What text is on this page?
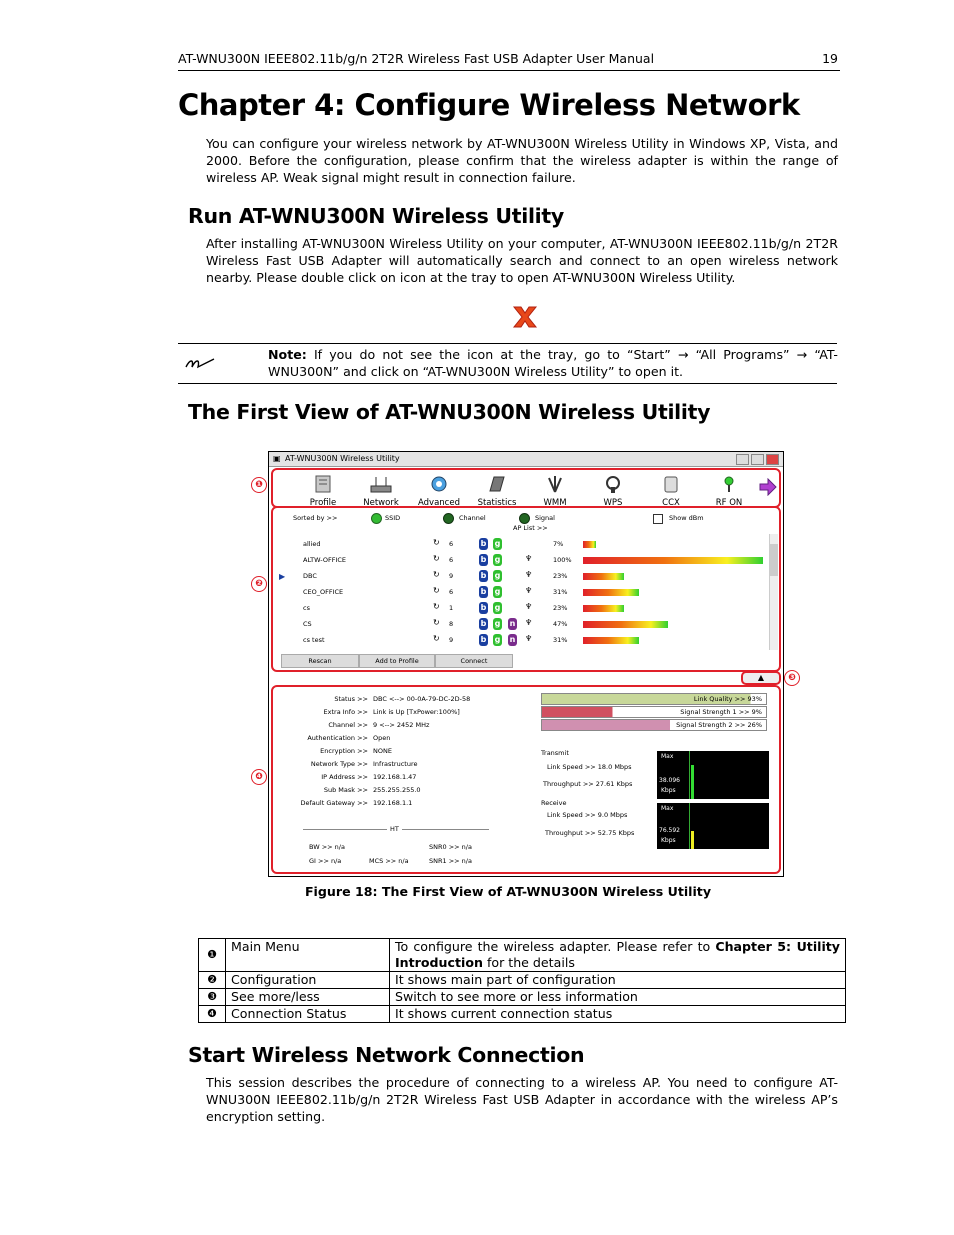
AT-WNU300N IEEE802.11b/g/n 2T2R Wireless Fast USB Adapter User Manual	19
Chapter 4: Configure Wireless Network
You can configure your wireless network by AT-WNU300N Wireless Utility in Windows XP, Vista, and 2000. Before the configuration, please confirm that the wireless adapter is within the range of wireless AP. Weak signal might result in connection failure.
Run AT-WNU300N Wireless Utility
After installing AT-WNU300N Wireless Utility on your computer, AT-WNU300N IEEE802.11b/g/n 2T2R Wireless Fast USB Adapter will automatically search and connect to an open wireless network nearby. Please double click on icon at the tray to open AT-WNU300N Wireless Utility.
Note: If you do not see the icon at the tray, go to “Start” → “All Programs” → “AT-WNU300N” and click on “AT-WNU300N Wireless Utility” to open it.
The First View of AT-WNU300N Wireless Utility
▣ AT-WNU300N Wireless Utility
Profile	Network	Advanced	Statistics	WMM	WPS	CCX	RF ON
Sorted by >>	SSID	Channel	Signal
AP List >>
Show dBm
▶
allied	↻ 6	b g	7%
ALTW-OFFICE	↻ 6	b g	♆	100%
DBC	↻ 9	b g	♆	23%
CEO_OFFICE	↻ 6	b g	♆	31%
cs	↻ 1	b g	♆	23%
CS	↻ 8	b g n ♆	47%
cs test	↻ 9	b g n ♆	31%
Rescan	Add to Profile	Connect
▲
Status >> DBC <--> 00-0A-79-DC-2D-58
Extra Info >> Link is Up [TxPower:100%]
Channel >> 9 <--> 2452 MHz
Authentication >> Open
Encryption >> NONE
Network Type >> Infrastructure
IP Address >> 192.168.1.47
Sub Mask >> 255.255.255.0
Default Gateway >> 192.168.1.1
HT
BW >> n/a	SNR0 >> n/a
GI >> n/a	MCS >> n/a	SNR1 >> n/a
Link Quality >> 93%
Signal Strength 1 >> 9%
Signal Strength 2 >> 26%
Transmit
Link Speed >> 18.0 Mbps
Throughput >> 27.61 Kbps
Max
38.096
Kbps
Receive
Link Speed >> 9.0 Mbps
Throughput >> 52.75 Kbps
Max
76.592
Kbps
❶
❷
❸
❹
Figure 18: The First View of AT-WNU300N Wireless Utility
❶	Main Menu	To configure the wireless adapter. Please refer to Chapter 5: Utility Introduction for the details
❷	Configuration	It shows main part of configuration
❸	See more/less	Switch to see more or less information
❹	Connection Status	It shows current connection status
Start Wireless Network Connection
This session describes the procedure of connecting to a wireless AP. You need to configure AT-WNU300N IEEE802.11b/g/n 2T2R Wireless Fast USB Adapter in accordance with the wireless AP’s encryption setting.
